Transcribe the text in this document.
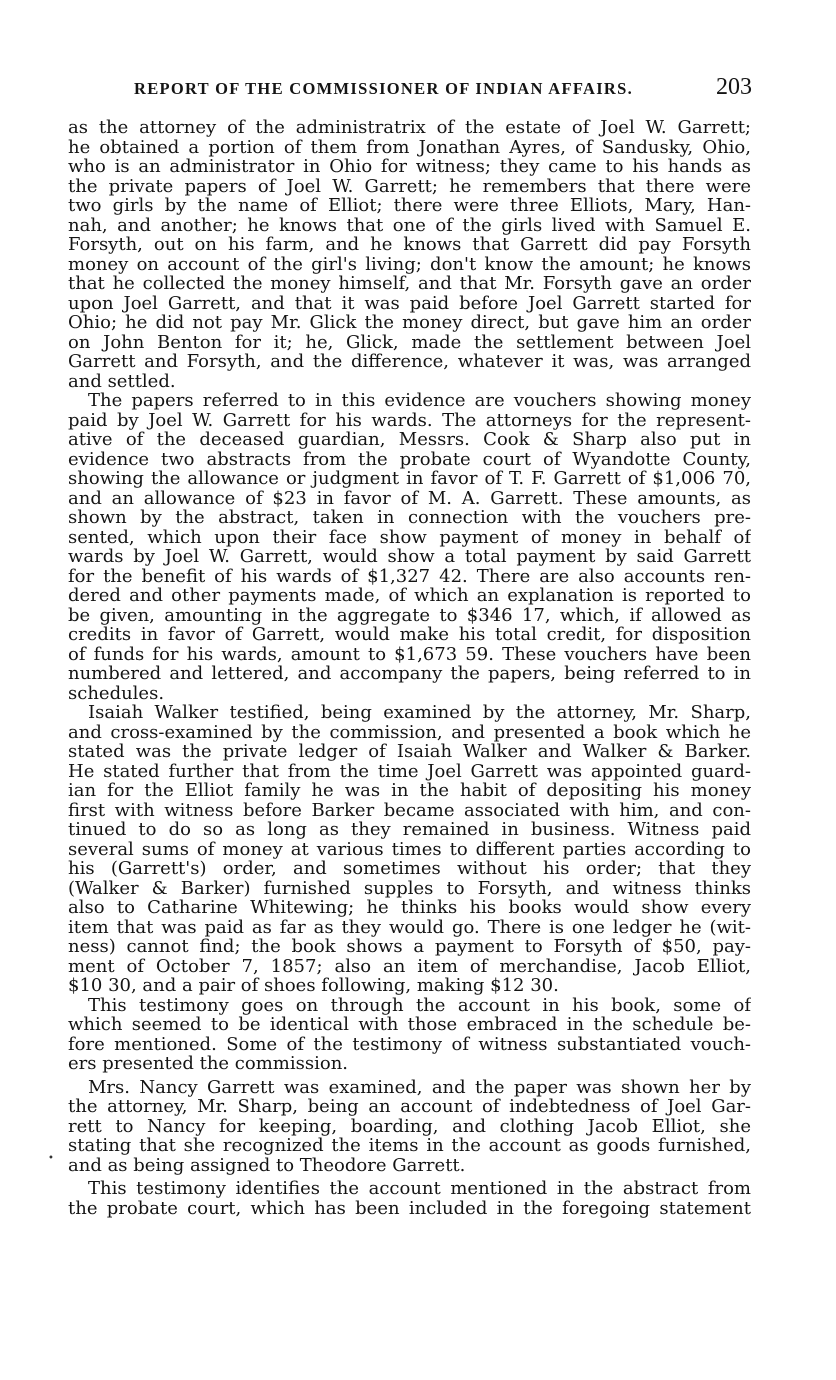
REPORT OF THE COMMISSIONER OF INDIAN AFFAIRS.	203
•
as the attorney of the administratrix of the estate of Joel W. Garrett;
he obtained a portion of them from Jonathan Ayres, of Sandusky, Ohio,
who is an administrator in Ohio for witness; they came to his hands as
the private papers of Joel W. Garrett; he remembers that there were
two girls by the name of Elliot; there were three Elliots, Mary, Han-
nah, and another; he knows that one of the girls lived with Samuel E.
Forsyth, out on his farm, and he knows that Garrett did pay Forsyth
money on account of the girl's living; don't know the amount; he knows
that he collected the money himself, and that Mr. Forsyth gave an order
upon Joel Garrett, and that it was paid before Joel Garrett started for
Ohio; he did not pay Mr. Glick the money direct, but gave him an order
on John Benton for it; he, Glick, made the settlement between Joel
Garrett and Forsyth, and the difference, whatever it was, was arranged
and settled.
The papers referred to in this evidence are vouchers showing money
paid by Joel W. Garrett for his wards. The attorneys for the represent-
ative of the deceased guardian, Messrs. Cook & Sharp also put in
evidence two abstracts from the probate court of Wyandotte County,
showing the allowance or judgment in favor of T. F. Garrett of $1,006 70,
and an allowance of $23 in favor of M. A. Garrett. These amounts, as
shown by the abstract, taken in connection with the vouchers pre-
sented, which upon their face show payment of money in behalf of
wards by Joel W. Garrett, would show a total payment by said Garrett
for the benefit of his wards of $1,327 42. There are also accounts ren-
dered and other payments made, of which an explanation is reported to
be given, amounting in the aggregate to $346 17, which, if allowed as
credits in favor of Garrett, would make his total credit, for disposition
of funds for his wards, amount to $1,673 59. These vouchers have been
numbered and lettered, and accompany the papers, being referred to in
schedules.
Isaiah Walker testified, being examined by the attorney, Mr. Sharp,
and cross-examined by the commission, and presented a book which he
stated was the private ledger of Isaiah Walker and Walker & Barker.
He stated further that from the time Joel Garrett was appointed guard-
ian for the Elliot family he was in the habit of depositing his money
first with witness before Barker became associated with him, and con-
tinued to do so as long as they remained in business. Witness paid
several sums of money at various times to different parties according to
his (Garrett's) order, and sometimes without his order; that they
(Walker & Barker) furnished supples to Forsyth, and witness thinks
also to Catharine Whitewing; he thinks his books would show every
item that was paid as far as they would go. There is one ledger he (wit-
ness) cannot find; the book shows a payment to Forsyth of $50, pay-
ment of October 7, 1857; also an item of merchandise, Jacob Elliot,
$10 30, and a pair of shoes following, making $12 30.
This testimony goes on through the account in his book, some of
which seemed to be identical with those embraced in the schedule be-
fore mentioned. Some of the testimony of witness substantiated vouch-
ers presented the commission.
Mrs. Nancy Garrett was examined, and the paper was shown her by
the attorney, Mr. Sharp, being an account of indebtedness of Joel Gar-
rett to Nancy for keeping, boarding, and clothing Jacob Elliot, she
stating that she recognized the items in the account as goods furnished,
and as being assigned to Theodore Garrett.
This testimony identifies the account mentioned in the abstract from
the probate court, which has been included in the foregoing statement
